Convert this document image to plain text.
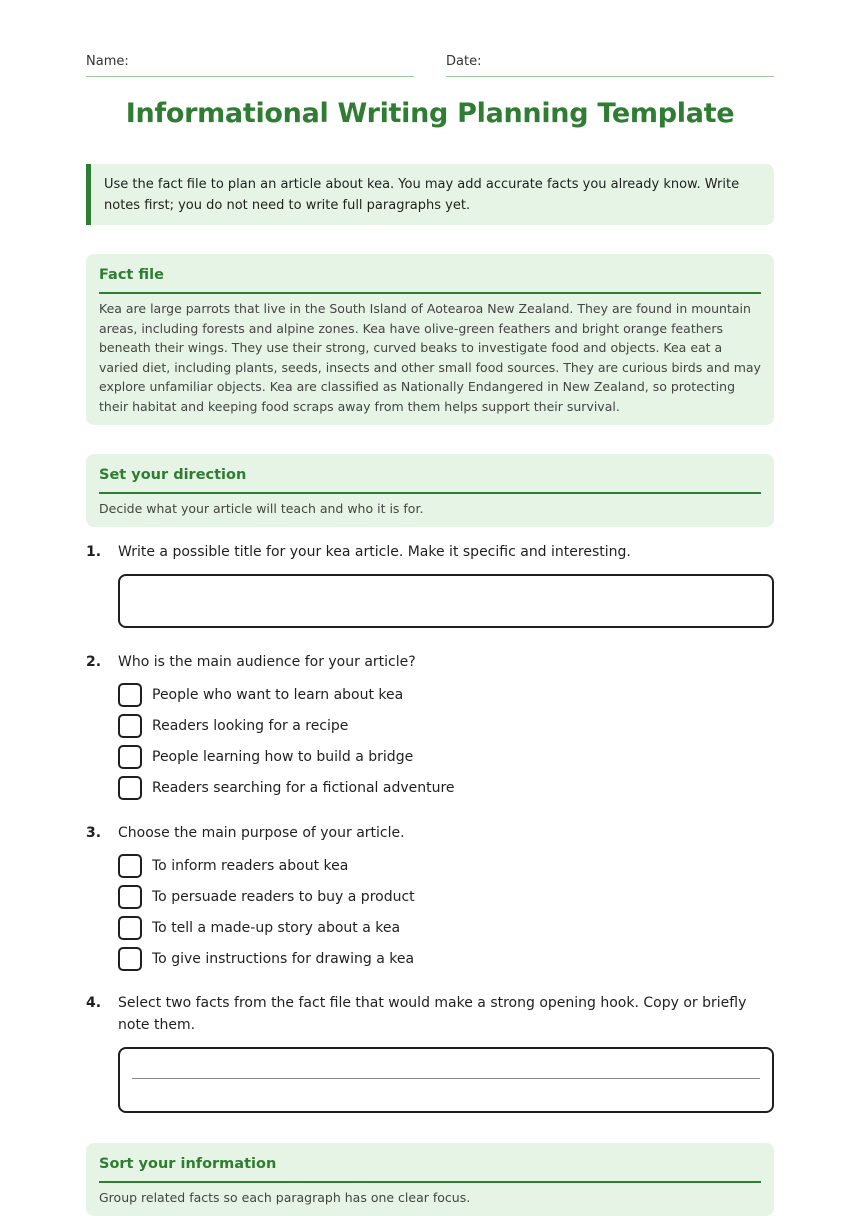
Name:	Date:
Informational Writing Planning Template
Use the fact file to plan an article about kea. You may add accurate facts you already know. Write notes first; you do not need to write full paragraphs yet.
Fact file
Kea are large parrots that live in the South Island of Aotearoa New Zealand. They are found in mountain areas, including forests and alpine zones. Kea have olive-green feathers and bright orange feathers beneath their wings. They use their strong, curved beaks to investigate food and objects. Kea eat a varied diet, including plants, seeds, insects and other small food sources. They are curious birds and may explore unfamiliar objects. Kea are classified as Nationally Endangered in New Zealand, so protecting their habitat and keeping food scraps away from them helps support their survival.
Set your direction
Decide what your article will teach and who it is for.
1. Write a possible title for your kea article. Make it specific and interesting.
2. Who is the main audience for your article?
People who want to learn about kea
Readers looking for a recipe
People learning how to build a bridge
Readers searching for a fictional adventure
3. Choose the main purpose of your article.
To inform readers about kea
To persuade readers to buy a product
To tell a made-up story about a kea
To give instructions for drawing a kea
4. Select two facts from the fact file that would make a strong opening hook. Copy or briefly note them.
Sort your information
Group related facts so each paragraph has one clear focus.
